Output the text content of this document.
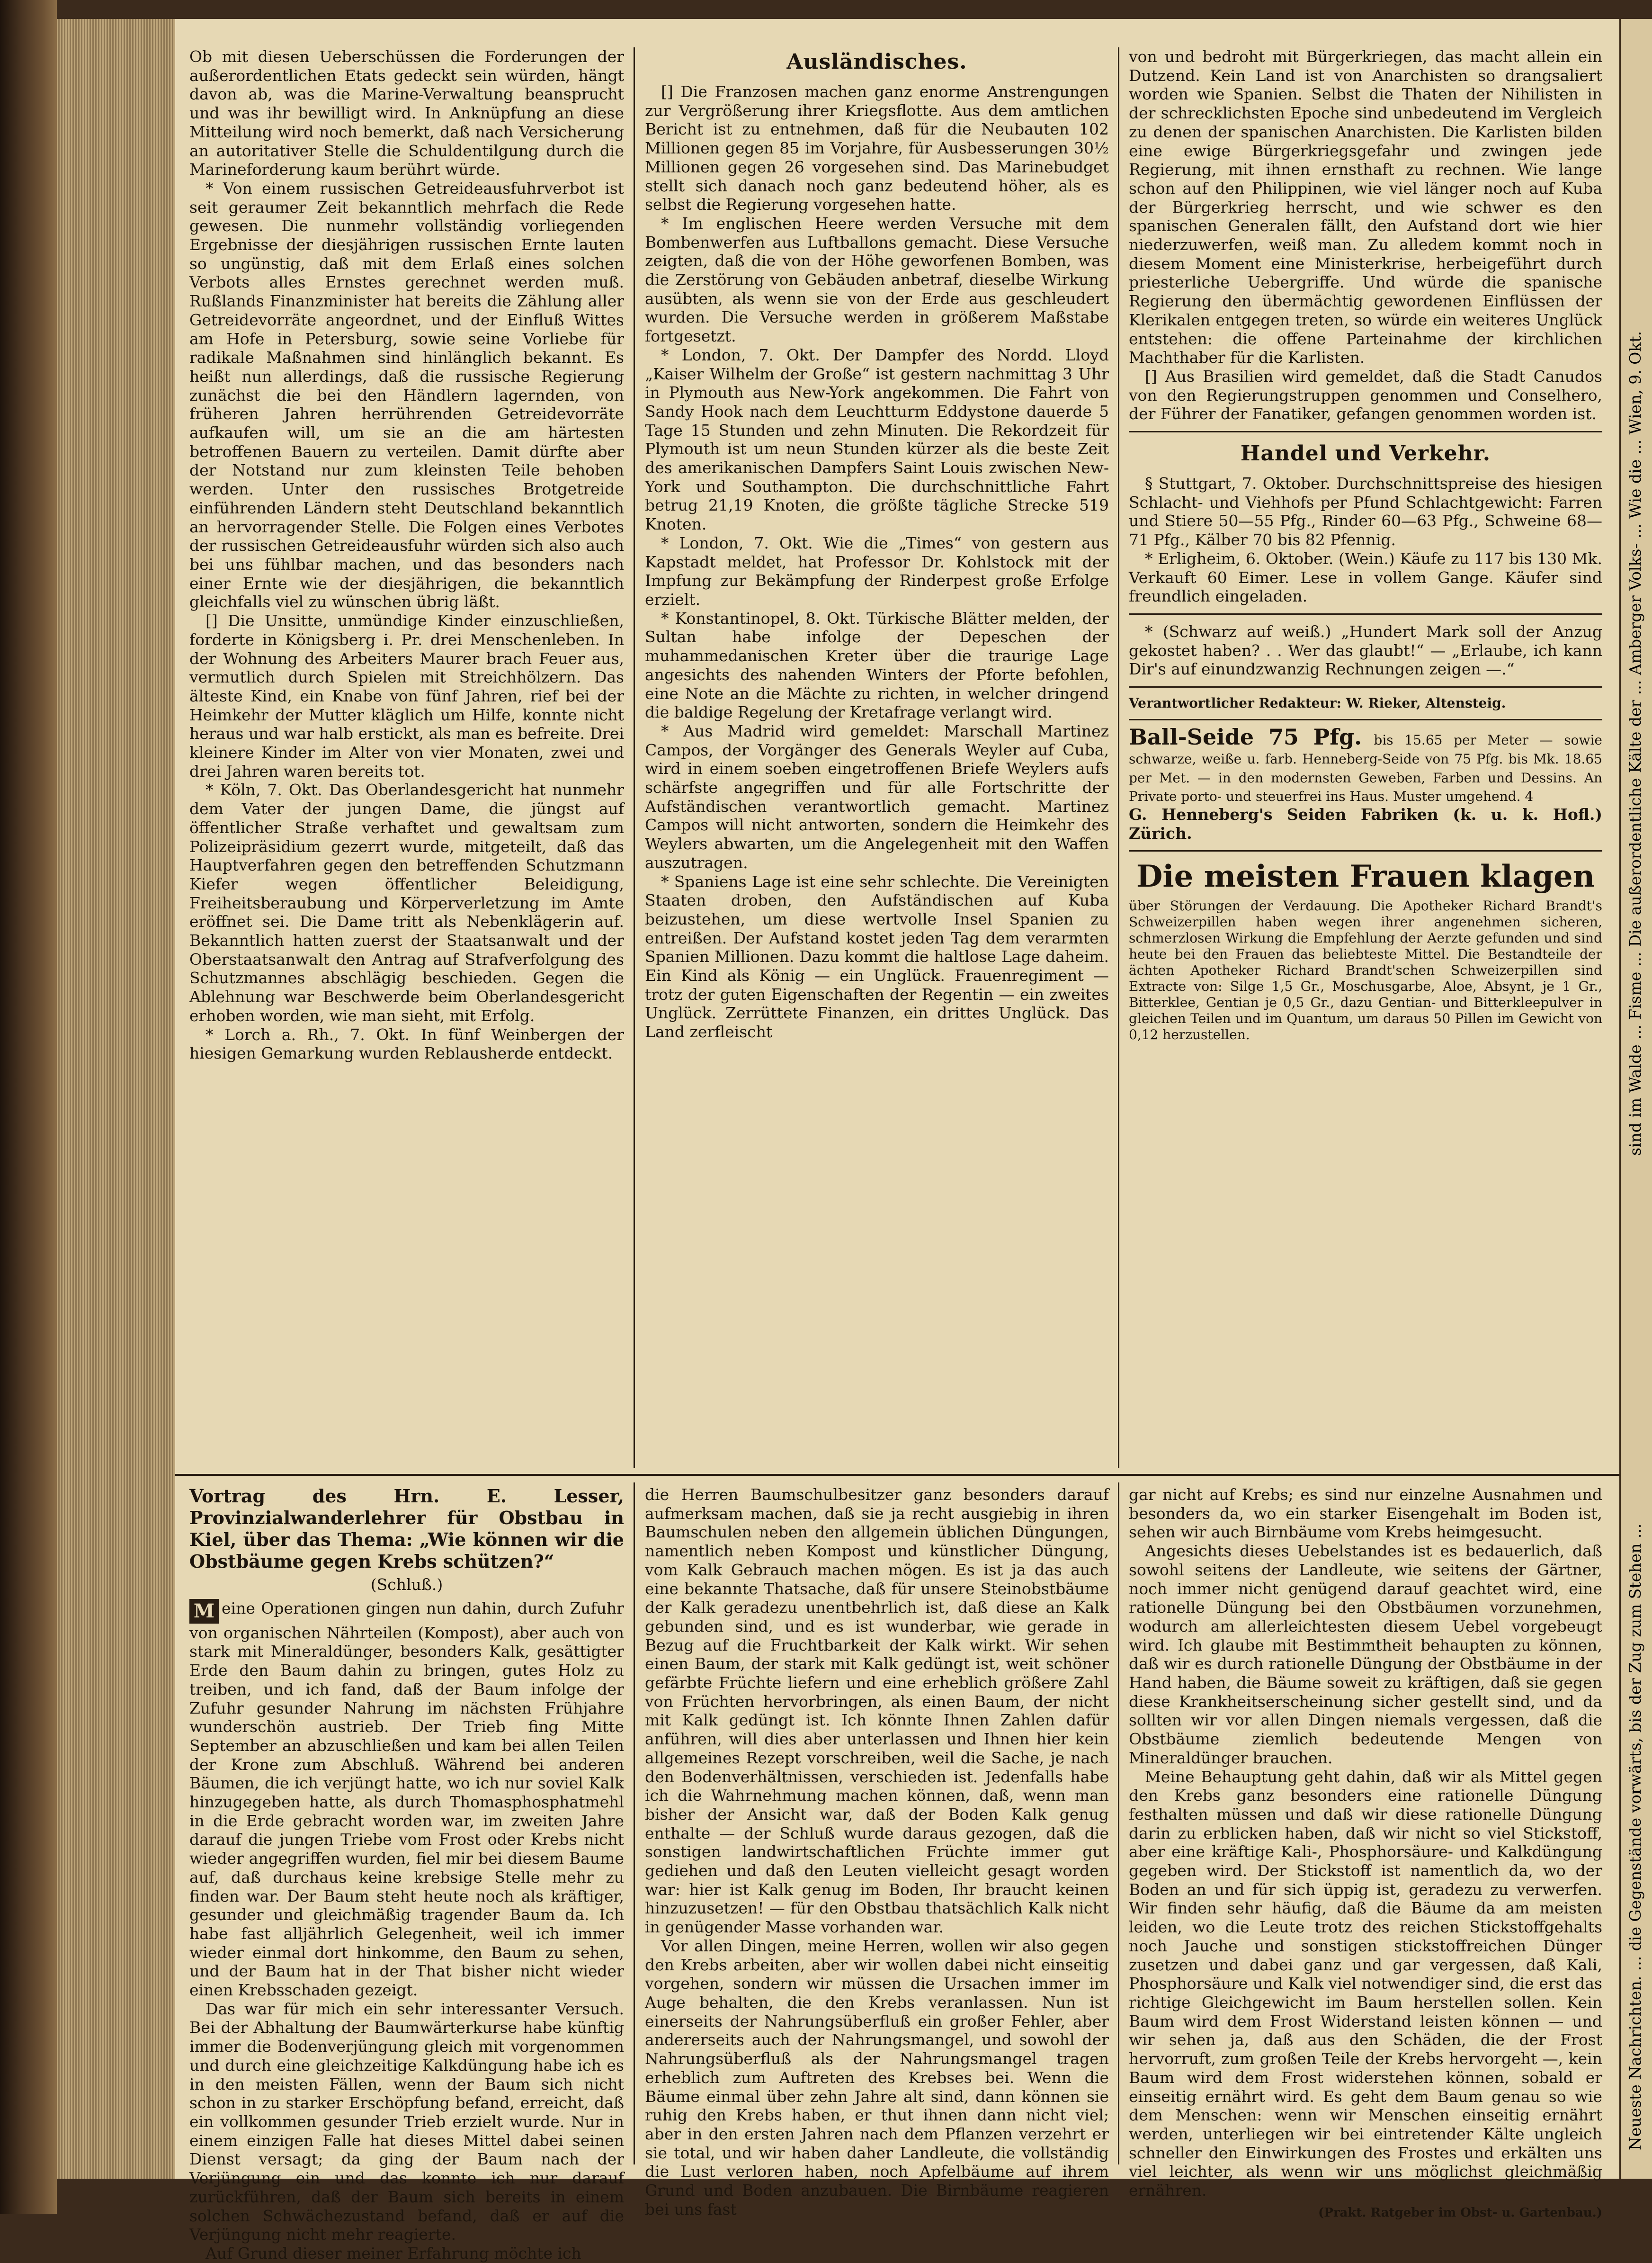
Ob mit diesen Ueberschüssen die Forderungen der außerordentlichen Etats gedeckt sein würden, hängt davon ab, was die Marine-Verwaltung beansprucht und was ihr bewilligt wird. In Anknüpfung an diese Mitteilung wird noch bemerkt, daß nach Versicherung an autoritativer Stelle die Schuldentilgung durch die Marineforderung kaum berührt würde.

* Von einem russischen Getreideausfuhrverbot ist seit geraumer Zeit bekanntlich mehrfach die Rede gewesen. Die nunmehr vollständig vorliegenden Ergebnisse der diesjährigen russischen Ernte lauten so ungünstig, daß mit dem Erlaß eines solchen Verbots alles Ernstes gerechnet werden muß. Rußlands Finanzminister hat bereits die Zählung aller Getreidevorräte angeordnet, und der Einfluß Wittes am Hofe in Petersburg, sowie seine Vorliebe für radikale Maßnahmen sind hinlänglich bekannt. Es heißt nun allerdings, daß die russische Regierung zunächst die bei den Händlern lagernden, von früheren Jahren herrührenden Getreidevorräte aufkaufen will, um sie an die am härtesten betroffenen Bauern zu verteilen. Damit dürfte aber der Notstand nur zum kleinsten Teile behoben werden. Unter den russisches Brotgetreide einführenden Ländern steht Deutschland bekanntlich an hervorragender Stelle. Die Folgen eines Verbotes der russischen Getreideausfuhr würden sich also auch bei uns fühlbar machen, und das besonders nach einer Ernte wie der diesjährigen, die bekanntlich gleichfalls viel zu wünschen übrig läßt.

[] Die Unsitte, unmündige Kinder einzuschließen, forderte in Königsberg i. Pr. drei Menschenleben. In der Wohnung des Arbeiters Maurer brach Feuer aus, vermutlich durch Spielen mit Streichhölzern. Das älteste Kind, ein Knabe von fünf Jahren, rief bei der Heimkehr der Mutter kläglich um Hilfe, konnte nicht heraus und war halb erstickt, als man es befreite. Drei kleinere Kinder im Alter von vier Monaten, zwei und drei Jahren waren bereits tot.

* Köln, 7. Okt. Das Oberlandesgericht hat nunmehr dem Vater der jungen Dame, die jüngst auf öffentlicher Straße verhaftet und gewaltsam zum Polizeipräsidium gezerrt wurde, mitgeteilt, daß das Hauptverfahren gegen den betreffenden Schutzmann Kiefer wegen öffentlicher Beleidigung, Freiheitsberaubung und Körperverletzung im Amte eröffnet sei. Die Dame tritt als Nebenklägerin auf. Bekanntlich hatten zuerst der Staatsanwalt und der Oberstaatsanwalt den Antrag auf Strafverfolgung des Schutzmannes abschlägig beschieden. Gegen die Ablehnung war Beschwerde beim Oberlandesgericht erhoben worden, wie man sieht, mit Erfolg.

* Lorch a. Rh., 7. Okt. In fünf Weinbergen der hiesigen Gemarkung wurden Reblausherde entdeckt.

Ausländisches.

[] Die Franzosen machen ganz enorme Anstrengungen zur Vergrößerung ihrer Kriegsflotte. Aus dem amtlichen Bericht ist zu entnehmen, daß für die Neubauten 102 Millionen gegen 85 im Vorjahre, für Ausbesserungen 30½ Millionen gegen 26 vorgesehen sind. Das Marinebudget stellt sich danach noch ganz bedeutend höher, als es selbst die Regierung vorgesehen hatte.

* Im englischen Heere werden Versuche mit dem Bombenwerfen aus Luftballons gemacht. Diese Versuche zeigten, daß die von der Höhe geworfenen Bomben, was die Zerstörung von Gebäuden anbetraf, dieselbe Wirkung ausübten, als wenn sie von der Erde aus geschleudert wurden. Die Versuche werden in größerem Maßstabe fortgesetzt.

* London, 7. Okt. Der Dampfer des Nordd. Lloyd „Kaiser Wilhelm der Große“ ist gestern nachmittag 3 Uhr in Plymouth aus New-York angekommen. Die Fahrt von Sandy Hook nach dem Leuchtturm Eddystone dauerde 5 Tage 15 Stunden und zehn Minuten. Die Rekordzeit für Plymouth ist um neun Stunden kürzer als die beste Zeit des amerikanischen Dampfers Saint Louis zwischen New-York und Southampton. Die durchschnittliche Fahrt betrug 21,19 Knoten, die größte tägliche Strecke 519 Knoten.

* London, 7. Okt. Wie die „Times“ von gestern aus Kapstadt meldet, hat Professor Dr. Kohlstock mit der Impfung zur Bekämpfung der Rinderpest große Erfolge erzielt.

* Konstantinopel, 8. Okt. Türkische Blätter melden, der Sultan habe infolge der Depeschen der muhammedanischen Kreter über die traurige Lage angesichts des nahenden Winters der Pforte befohlen, eine Note an die Mächte zu richten, in welcher dringend die baldige Regelung der Kretafrage verlangt wird.

* Aus Madrid wird gemeldet: Marschall Martinez Campos, der Vorgänger des Generals Weyler auf Cuba, wird in einem soeben eingetroffenen Briefe Weylers aufs schärfste angegriffen und für alle Fortschritte der Aufständischen verantwortlich gemacht. Martinez Campos will nicht antworten, sondern die Heimkehr des Weylers abwarten, um die Angelegenheit mit den Waffen auszutragen.

* Spaniens Lage ist eine sehr schlechte. Die Vereinigten Staaten droben, den Aufständischen auf Kuba beizustehen, um diese wertvolle Insel Spanien zu entreißen. Der Aufstand kostet jeden Tag dem verarmten Spanien Millionen. Dazu kommt die haltlose Lage daheim. Ein Kind als König — ein Unglück. Frauenregiment — trotz der guten Eigenschaften der Regentin — ein zweites Unglück. Zerrüttete Finanzen, ein drittes Unglück. Das Land zerfleischt

von und bedroht mit Bürgerkriegen, das macht allein ein Dutzend. Kein Land ist von Anarchisten so drangsaliert worden wie Spanien. Selbst die Thaten der Nihilisten in der schrecklichsten Epoche sind unbedeutend im Vergleich zu denen der spanischen Anarchisten. Die Karlisten bilden eine ewige Bürgerkriegsgefahr und zwingen jede Regierung, mit ihnen ernsthaft zu rechnen. Wie lange schon auf den Philippinen, wie viel länger noch auf Kuba der Bürgerkrieg herrscht, und wie schwer es den spanischen Generalen fällt, den Aufstand dort wie hier niederzuwerfen, weiß man. Zu alledem kommt noch in diesem Moment eine Ministerkrise, herbeigeführt durch priesterliche Uebergriffe. Und würde die spanische Regierung den übermächtig gewordenen Einflüssen der Klerikalen entgegen treten, so würde ein weiteres Unglück entstehen: die offene Parteinahme der kirchlichen Machthaber für die Karlisten.

[] Aus Brasilien wird gemeldet, daß die Stadt Canudos von den Regierungstruppen genommen und Conselhero, der Führer der Fanatiker, gefangen genommen worden ist.

Handel und Verkehr.

§ Stuttgart, 7. Oktober. Durchschnittspreise des hiesigen Schlacht- und Viehhofs per Pfund Schlachtgewicht: Farren und Stiere 50—55 Pfg., Rinder 60—63 Pfg., Schweine 68—71 Pfg., Kälber 70 bis 82 Pfennig.

* Erligheim, 6. Oktober. (Wein.) Käufe zu 117 bis 130 Mk. Verkauft 60 Eimer. Lese in vollem Gange. Käufer sind freundlich eingeladen.

* (Schwarz auf weiß.) „Hundert Mark soll der Anzug gekostet haben? . . Wer das glaubt!“ — „Erlaube, ich kann Dir's auf einundzwanzig Rechnungen zeigen —.“

Verantwortlicher Redakteur: W. Rieker, Altensteig.

Ball-Seide 75 Pfg. bis 15.65 per Meter — sowie schwarze, weiße u. farb. Henneberg-Seide von 75 Pfg. bis Mk. 18.65 per Met. — in den modernsten Geweben, Farben und Dessins. An Private porto- und steuerfrei ins Haus. Muster umgehend. 4

G. Henneberg's Seiden Fabriken (k. u. k. Hofl.) Zürich.

Die meisten Frauen klagen

über Störungen der Verdauung. Die Apotheker Richard Brandt's Schweizerpillen haben wegen ihrer angenehmen sicheren, schmerzlosen Wirkung die Empfehlung der Aerzte gefunden und sind heute bei den Frauen das beliebteste Mittel. Die Bestandteile der ächten Apotheker Richard Brandt'schen Schweizerpillen sind Extracte von: Silge 1,5 Gr., Moschusgarbe, Aloe, Absynt, je 1 Gr., Bitterklee, Gentian je 0,5 Gr., dazu Gentian- und Bitterkleepulver in gleichen Teilen und im Quantum, um daraus 50 Pillen im Gewicht von 0,12 herzustellen.

Vortrag des Hrn. E. Lesser, Provinzialwanderlehrer für Obstbau in Kiel, über das Thema: „Wie können wir die Obstbäume gegen Krebs schützen?“
(Schluß.)

M eine Operationen gingen nun dahin, durch Zufuhr von organischen Nährteilen (Kompost), aber auch von stark mit Mineraldünger, besonders Kalk, gesättigter Erde den Baum dahin zu bringen, gutes Holz zu treiben, und ich fand, daß der Baum infolge der Zufuhr gesunder Nahrung im nächsten Frühjahre wunderschön austrieb. Der Trieb fing Mitte September an abzuschließen und kam bei allen Teilen der Krone zum Abschluß. Während bei anderen Bäumen, die ich verjüngt hatte, wo ich nur soviel Kalk hinzugegeben hatte, als durch Thomasphosphatmehl in die Erde gebracht worden war, im zweiten Jahre darauf die jungen Triebe vom Frost oder Krebs nicht wieder angegriffen wurden, fiel mir bei diesem Baume auf, daß durchaus keine krebsige Stelle mehr zu finden war. Der Baum steht heute noch als kräftiger, gesunder und gleichmäßig tragender Baum da. Ich habe fast alljährlich Gelegenheit, weil ich immer wieder einmal dort hinkomme, den Baum zu sehen, und der Baum hat in der That bisher nicht wieder einen Krebsschaden gezeigt.

Das war für mich ein sehr interessanter Versuch. Bei der Abhaltung der Baumwärterkurse habe künftig immer die Bodenverjüngung gleich mit vorgenommen und durch eine gleichzeitige Kalkdüngung habe ich es in den meisten Fällen, wenn der Baum sich nicht schon in zu starker Erschöpfung befand, erreicht, daß ein vollkommen gesunder Trieb erzielt wurde. Nur in einem einzigen Falle hat dieses Mittel dabei seinen Dienst versagt; da ging der Baum nach der Verjüngung ein und das konnte ich nur darauf zurückführen, daß der Baum sich bereits in einem solchen Schwächezustand befand, daß er auf die Verjüngung nicht mehr reagierte.

Auf Grund dieser meiner Erfahrung möchte ich

die Herren Baumschulbesitzer ganz besonders darauf aufmerksam machen, daß sie ja recht ausgiebig in ihren Baumschulen neben den allgemein üblichen Düngungen, namentlich neben Kompost und künstlicher Düngung, vom Kalk Gebrauch machen mögen. Es ist ja das auch eine bekannte Thatsache, daß für unsere Steinobstbäume der Kalk geradezu unentbehrlich ist, daß diese an Kalk gebunden sind, und es ist wunderbar, wie gerade in Bezug auf die Fruchtbarkeit der Kalk wirkt. Wir sehen einen Baum, der stark mit Kalk gedüngt ist, weit schöner gefärbte Früchte liefern und eine erheblich größere Zahl von Früchten hervorbringen, als einen Baum, der nicht mit Kalk gedüngt ist. Ich könnte Ihnen Zahlen dafür anführen, will dies aber unterlassen und Ihnen hier kein allgemeines Rezept vorschreiben, weil die Sache, je nach den Bodenverhältnissen, verschieden ist. Jedenfalls habe ich die Wahrnehmung machen können, daß, wenn man bisher der Ansicht war, daß der Boden Kalk genug enthalte — der Schluß wurde daraus gezogen, daß die sonstigen landwirtschaftlichen Früchte immer gut gediehen und daß den Leuten vielleicht gesagt worden war: hier ist Kalk genug im Boden, Ihr braucht keinen hinzuzusetzen! — für den Obstbau thatsächlich Kalk nicht in genügender Masse vorhanden war.

Vor allen Dingen, meine Herren, wollen wir also gegen den Krebs arbeiten, aber wir wollen dabei nicht einseitig vorgehen, sondern wir müssen die Ursachen immer im Auge behalten, die den Krebs veranlassen. Nun ist einerseits der Nahrungsüberfluß ein großer Fehler, aber andererseits auch der Nahrungsmangel, und sowohl der Nahrungsüberfluß als der Nahrungsmangel tragen erheblich zum Auftreten des Krebses bei. Wenn die Bäume einmal über zehn Jahre alt sind, dann können sie ruhig den Krebs haben, er thut ihnen dann nicht viel; aber in den ersten Jahren nach dem Pflanzen verzehrt er sie total, und wir haben daher Landleute, die vollständig die Lust verloren haben, noch Apfelbäume auf ihrem Grund und Boden anzubauen. Die Birnbäume reagieren bei uns fast

gar nicht auf Krebs; es sind nur einzelne Ausnahmen und besonders da, wo ein starker Eisengehalt im Boden ist, sehen wir auch Birnbäume vom Krebs heimgesucht.

Angesichts dieses Uebelstandes ist es bedauerlich, daß sowohl seitens der Landleute, wie seitens der Gärtner, noch immer nicht genügend darauf geachtet wird, eine rationelle Düngung bei den Obstbäumen vorzunehmen, wodurch am allerleichtesten diesem Uebel vorgebeugt wird. Ich glaube mit Bestimmtheit behaupten zu können, daß wir es durch rationelle Düngung der Obstbäume in der Hand haben, die Bäume soweit zu kräftigen, daß sie gegen diese Krankheitserscheinung sicher gestellt sind, und da sollten wir vor allen Dingen niemals vergessen, daß die Obstbäume ziemlich bedeutende Mengen von Mineraldünger brauchen.

Meine Behauptung geht dahin, daß wir als Mittel gegen den Krebs ganz besonders eine rationelle Düngung festhalten müssen und daß wir diese rationelle Düngung darin zu erblicken haben, daß wir nicht so viel Stickstoff, aber eine kräftige Kali-, Phosphorsäure- und Kalkdüngung gegeben wird. Der Stickstoff ist namentlich da, wo der Boden an und für sich üppig ist, geradezu zu verwerfen. Wir finden sehr häufig, daß die Bäume da am meisten leiden, wo die Leute trotz des reichen Stickstoffgehalts noch Jauche und sonstigen stickstoffreichen Dünger zusetzen und dabei ganz und gar vergessen, daß Kali, Phosphorsäure und Kalk viel notwendiger sind, die erst das richtige Gleichgewicht im Baum herstellen sollen. Kein Baum wird dem Frost Widerstand leisten können — und wir sehen ja, daß aus den Schäden, die der Frost hervorruft, zum großen Teile der Krebs hervorgeht —, kein Baum wird dem Frost widerstehen können, sobald er einseitig ernährt wird. Es geht dem Baum genau so wie dem Menschen: wenn wir Menschen einseitig ernährt werden, unterliegen wir bei eintretender Kälte ungleich schneller den Einwirkungen des Frostes und erkälten uns viel leichter, als wenn wir uns möglichst gleichmäßig ernähren.

(Prakt. Ratgeber im Obst- u. Gartenbau.)
sind im Walde ... Fisme ... Die außerordentliche Kälte der ... Amberger Volks- ... Wie die ... Wien, 9. Okt.
Neueste Nachrichten. ... die Gegenstände vorwärts, bis der Zug zum Stehen ...
